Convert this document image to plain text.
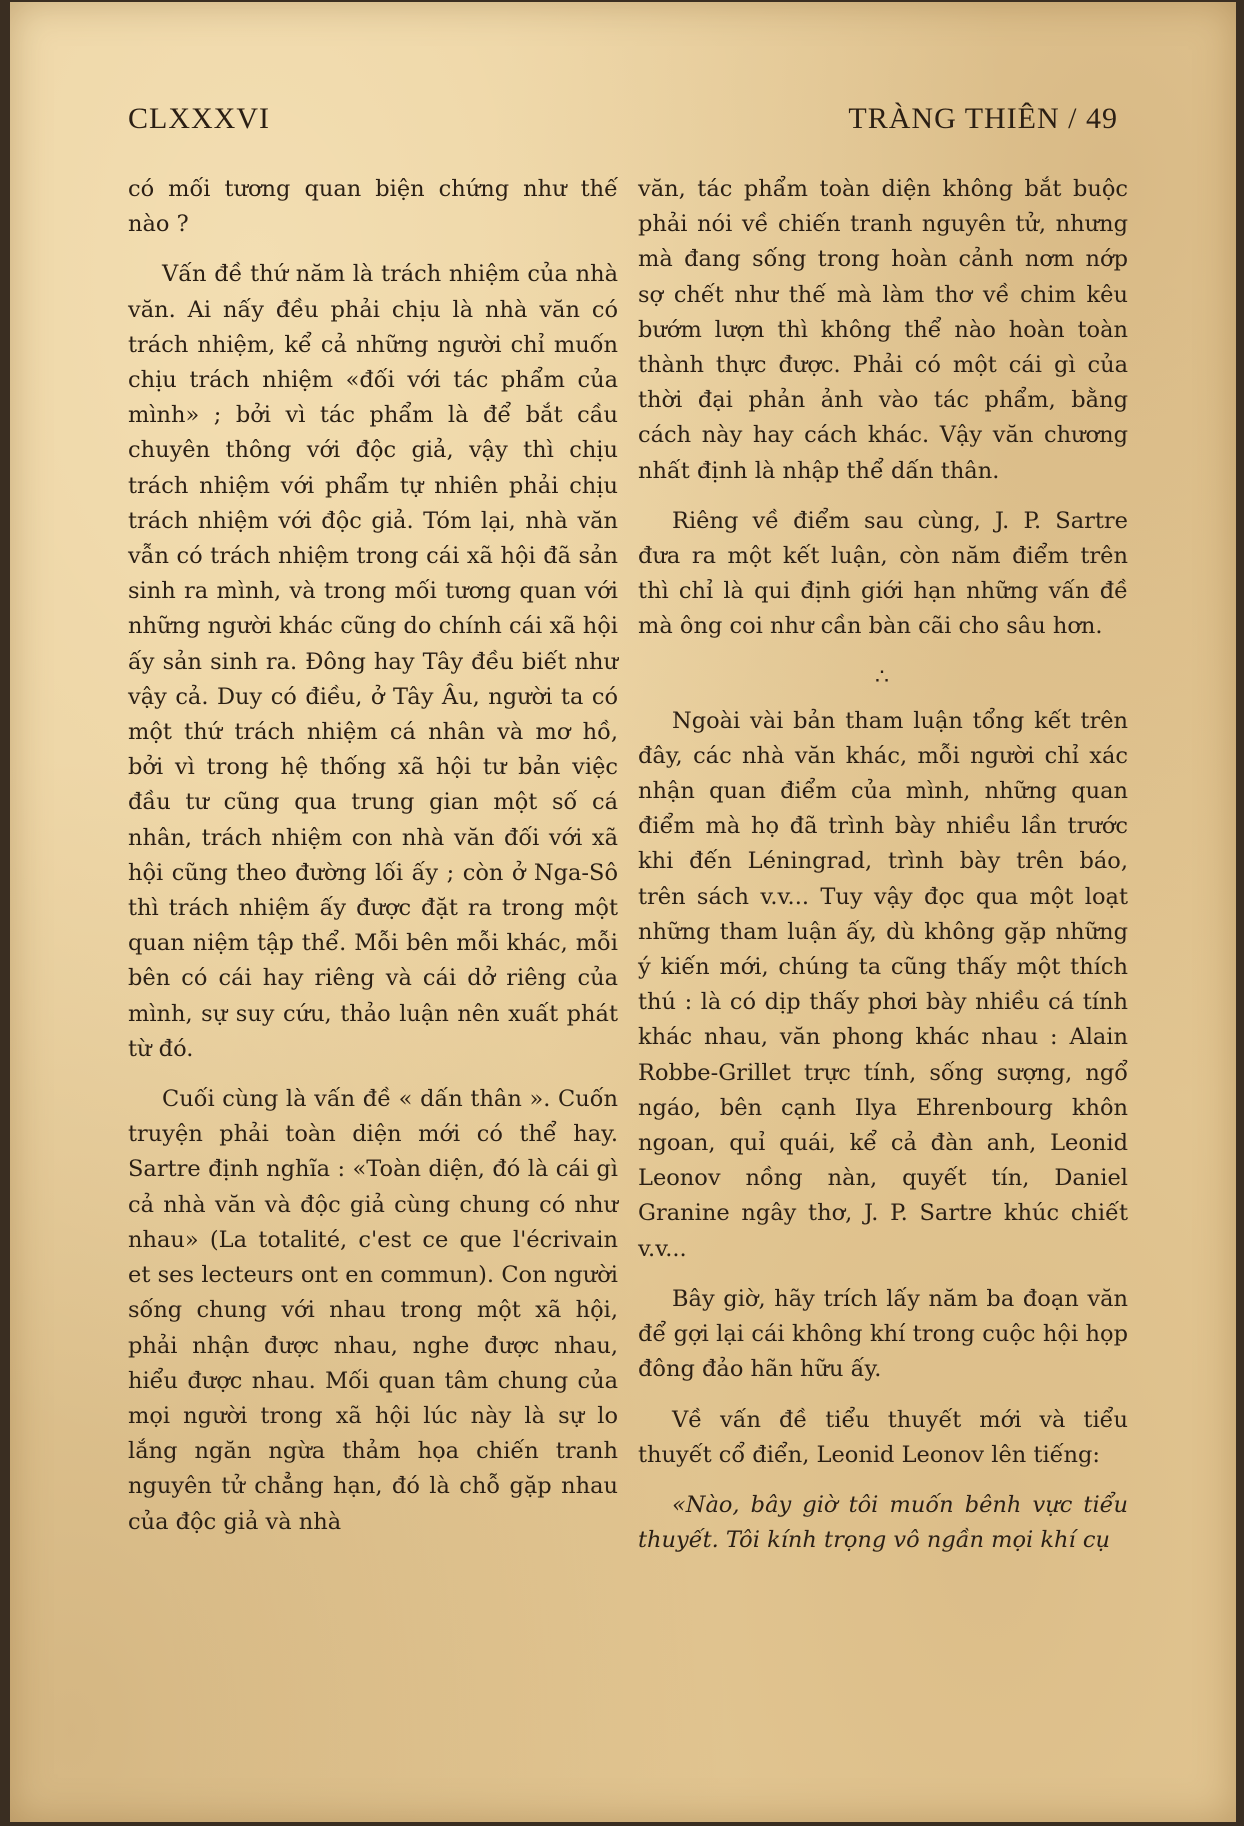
CLXXXVI	TRÀNG THIÊN / 49

có mối tương quan biện chứng như thế nào ?

Vấn đề thứ năm là trách nhiệm của nhà văn. Ai nấy đều phải chịu là nhà văn có trách nhiệm, kể cả những người chỉ muốn chịu trách nhiệm «đối với tác phẩm của mình» ; bởi vì tác phẩm là để bắt cầu chuyên thông với độc giả, vậy thì chịu trách nhiệm với phẩm tự nhiên phải chịu trách nhiệm với độc giả. Tóm lại, nhà văn vẫn có trách nhiệm trong cái xã hội đã sản sinh ra mình, và trong mối tương quan với những người khác cũng do chính cái xã hội ấy sản sinh ra. Đông hay Tây đều biết như vậy cả. Duy có điều, ở Tây Âu, người ta có một thứ trách nhiệm cá nhân và mơ hồ, bởi vì trong hệ thống xã hội tư bản việc đầu tư cũng qua trung gian một số cá nhân, trách nhiệm con nhà văn đối với xã hội cũng theo đường lối ấy ; còn ở Nga-Sô thì trách nhiệm ấy được đặt ra trong một quan niệm tập thể. Mỗi bên mỗi khác, mỗi bên có cái hay riêng và cái dở riêng của mình, sự suy cứu, thảo luận nên xuất phát từ đó.

Cuối cùng là vấn đề « dấn thân ». Cuốn truyện phải toàn diện mới có thể hay. Sartre định nghĩa : «Toàn diện, đó là cái gì cả nhà văn và độc giả cùng chung có như nhau» (La totalité, c'est ce que l'écrivain et ses lecteurs ont en commun). Con người sống chung với nhau trong một xã hội, phải nhận được nhau, nghe được nhau, hiểu được nhau. Mối quan tâm chung của mọi người trong xã hội lúc này là sự lo lắng ngăn ngừa thảm họa chiến tranh nguyên tử chẳng hạn, đó là chỗ gặp nhau của độc giả và nhà

văn, tác phẩm toàn diện không bắt buộc phải nói về chiến tranh nguyên tử, nhưng mà đang sống trong hoàn cảnh nơm nớp sợ chết như thế mà làm thơ về chim kêu bướm lượn thì không thể nào hoàn toàn thành thực được. Phải có một cái gì của thời đại phản ảnh vào tác phẩm, bằng cách này hay cách khác. Vậy văn chương nhất định là nhập thể dấn thân.

Riêng về điểm sau cùng, J. P. Sartre đưa ra một kết luận, còn năm điểm trên thì chỉ là qui định giới hạn những vấn đề mà ông coi như cần bàn cãi cho sâu hơn.

∴

Ngoài vài bản tham luận tổng kết trên đây, các nhà văn khác, mỗi người chỉ xác nhận quan điểm của mình, những quan điểm mà họ đã trình bày nhiều lần trước khi đến Léningrad, trình bày trên báo, trên sách v.v... Tuy vậy đọc qua một loạt những tham luận ấy, dù không gặp những ý kiến mới, chúng ta cũng thấy một thích thú : là có dịp thấy phơi bày nhiều cá tính khác nhau, văn phong khác nhau : Alain Robbe-Grillet trực tính, sống sượng, ngổ ngáo, bên cạnh Ilya Ehrenbourg khôn ngoan, quỉ quái, kể cả đàn anh, Leonid Leonov nồng nàn, quyết tín, Daniel Granine ngây thơ, J. P. Sartre khúc chiết v.v...

Bây giờ, hãy trích lấy năm ba đoạn văn để gợi lại cái không khí trong cuộc hội họp đông đảo hãn hữu ấy.

Về vấn đề tiểu thuyết mới và tiểu thuyết cổ điển, Leonid Leonov lên tiếng:

«Nào, bây giờ tôi muốn bênh vực tiểu thuyết. Tôi kính trọng vô ngần mọi khí cụ
